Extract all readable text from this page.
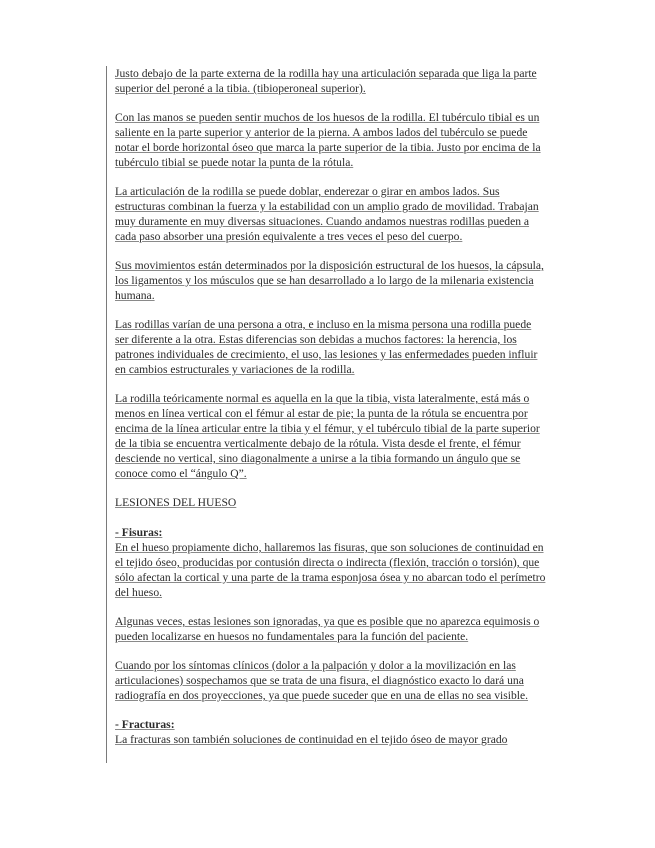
Justo debajo de la parte externa de la rodilla hay una articulación separada que liga la parte superior del peroné a la tibia. (tibioperoneal superior).

Con las manos se pueden sentir muchos de los huesos de la rodilla. El tubérculo tibial es un saliente en la parte superior y anterior de la pierna. A ambos lados del tubérculo se puede notar el borde horizontal óseo que marca la parte superior de la tibia. Justo por encima de la tubérculo tibial se puede notar la punta de la rótula.

La articulación de la rodilla se puede doblar, enderezar o girar en ambos lados. Sus estructuras combinan la fuerza y la estabilidad con un amplio grado de movilidad. Trabajan muy duramente en muy diversas situaciones. Cuando andamos nuestras rodillas pueden a cada paso absorber una presión equivalente a tres veces el peso del cuerpo.

Sus movimientos están determinados por la disposición estructural de los huesos, la cápsula, los ligamentos y los músculos que se han desarrollado a lo largo de la milenaria existencia humana.

Las rodillas varían de una persona a otra, e incluso en la misma persona una rodilla puede ser diferente a la otra. Estas diferencias son debidas a muchos factores: la herencia, los patrones individuales de crecimiento, el uso, las lesiones y las enfermedades pueden influir en cambios estructurales y variaciones de la rodilla.

La rodilla teóricamente normal es aquella en la que la tibia, vista lateralmente, está más o menos en línea vertical con el fémur al estar de pie; la punta de la rótula se encuentra por encima de la línea articular entre la tibia y el fémur, y el tubérculo tibial de la parte superior de la tibia se encuentra verticalmente debajo de la rótula. Vista desde el frente, el fémur desciende no vertical, sino diagonalmente a unirse a la tibia formando un ángulo que se conoce como el “ángulo Q”.

LESIONES DEL HUESO

- Fisuras:

En el hueso propiamente dicho, hallaremos las fisuras, que son soluciones de continuidad en el tejido óseo, producidas por contusión directa o indirecta (flexión, tracción o torsión), que sólo afectan la cortical y una parte de la trama esponjosa ósea y no abarcan todo el perímetro del hueso.

Algunas veces, estas lesiones son ignoradas, ya que es posible que no aparezca equimosis o pueden localizarse en huesos no fundamentales para la función del paciente.

Cuando por los síntomas clínicos (dolor a la palpación y dolor a la movilización en las articulaciones) sospechamos que se trata de una fisura, el diagnóstico exacto lo dará una radiografía en dos proyecciones, ya que puede suceder que en una de ellas no sea visible.

- Fracturas:

La fracturas son también soluciones de continuidad en el tejido óseo de mayor grado
